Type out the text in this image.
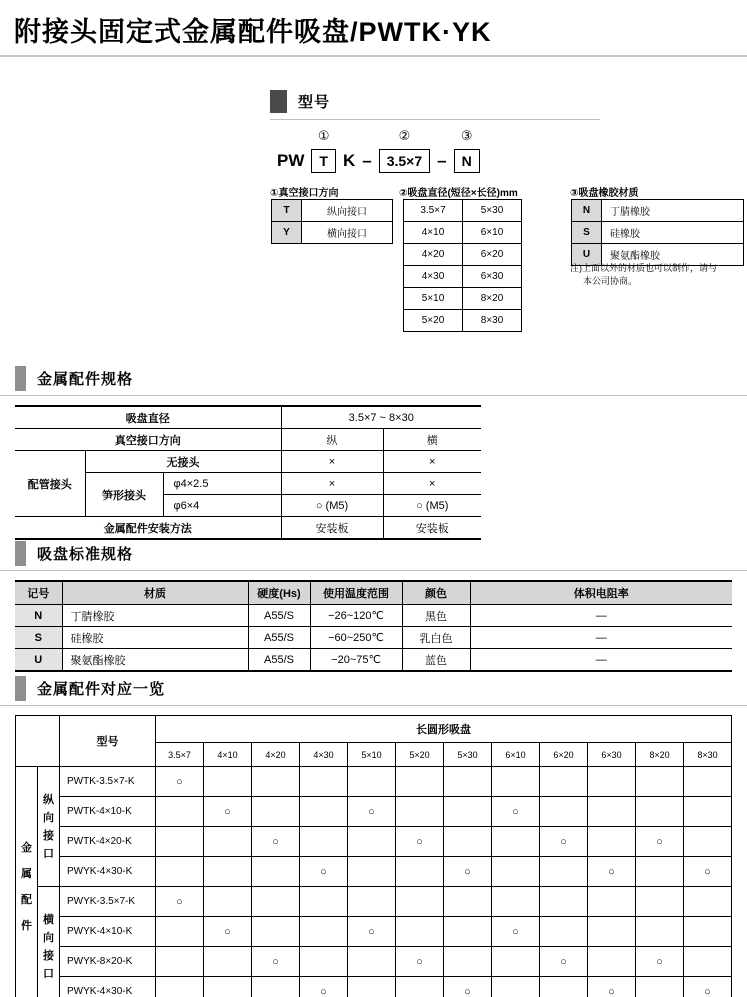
附接头固定式金属配件吸盘/PWTK·YK
型号
PW
①
T K –
②
3.5×7 –
③
N
①真空接口方向
T	纵向接口
Y	横向接口
②吸盘直径(短径×长径)mm
3.5×7	5×30
4×10	6×10
4×20	6×20
4×30	6×30
5×10	8×20
5×20	8×30
③吸盘橡胶材质
N	丁腈橡胶
S	硅橡胶
U	聚氨酯橡胶
注)上面以外的材质也可以制作，请与
本公司协商。
金属配件规格
吸盘直径			3.5×7 ~ 8×30	
真空接口方向			纵	横
配管接头	无接头		×	×
	笋形接头	φ4×2.5	×	×
		φ6×4	○ (M5)	○ (M5)
金属配件安装方法			安装板	安装板
吸盘标准规格
记号	材质	硬度(Hs)	使用温度范围	颜色	体积电阻率
N	丁腈橡胶	A55/S	−26~120℃	黑色	—
S	硅橡胶	A55/S	−60~250℃	乳白色	—
U	聚氨酯橡胶	A55/S	−20~75℃	蓝色	—
金属配件对应一览
		型号	长圆形吸盘											
			3.5×7	4×10	4×20	4×30	5×10	5×20	5×30	6×10	6×20	6×30	8×20	8×30
金属配件	纵向接口	PWTK-3.5×7-K	○											
		PWTK-4×10-K		○			○			○				
		PWTK-4×20-K			○			○			○		○	
		PWYK-4×30-K				○			○			○		○
	横向接口	PWYK-3.5×7-K	○											
		PWYK-4×10-K		○			○			○				
		PWYK-8×20-K			○			○			○		○	
		PWYK-4×30-K				○			○			○		○
